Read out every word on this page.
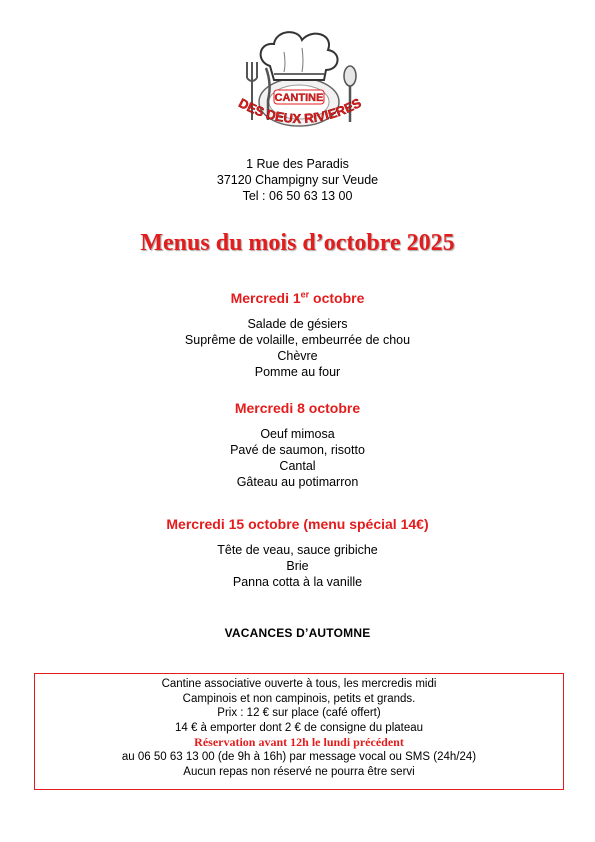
CANTINE
DES DEUX RIVIERES
1 Rue des Paradis
37120 Champigny sur Veude
Tel : 06 50 63 13 00
Menus du mois d’octobre 2025
Mercredi 1er octobre
Salade de gésiers
Suprême de volaille, embeurrée de chou
Chèvre
Pomme au four
Mercredi 8 octobre
Oeuf mimosa
Pavé de saumon, risotto
Cantal
Gâteau au potimarron
Mercredi 15 octobre (menu spécial 14€)
Tête de veau, sauce gribiche
Brie
Panna cotta à la vanille
VACANCES D’AUTOMNE
Cantine associative ouverte à tous, les mercredis midi
Campinois et non campinois, petits et grands.
Prix : 12 € sur place (café offert)
14 € à emporter dont 2 € de consigne du plateau
Réservation avant 12h le lundi précédent
au 06 50 63 13 00 (de 9h à 16h) par message vocal ou SMS (24h/24)
Aucun repas non réservé ne pourra être servi
